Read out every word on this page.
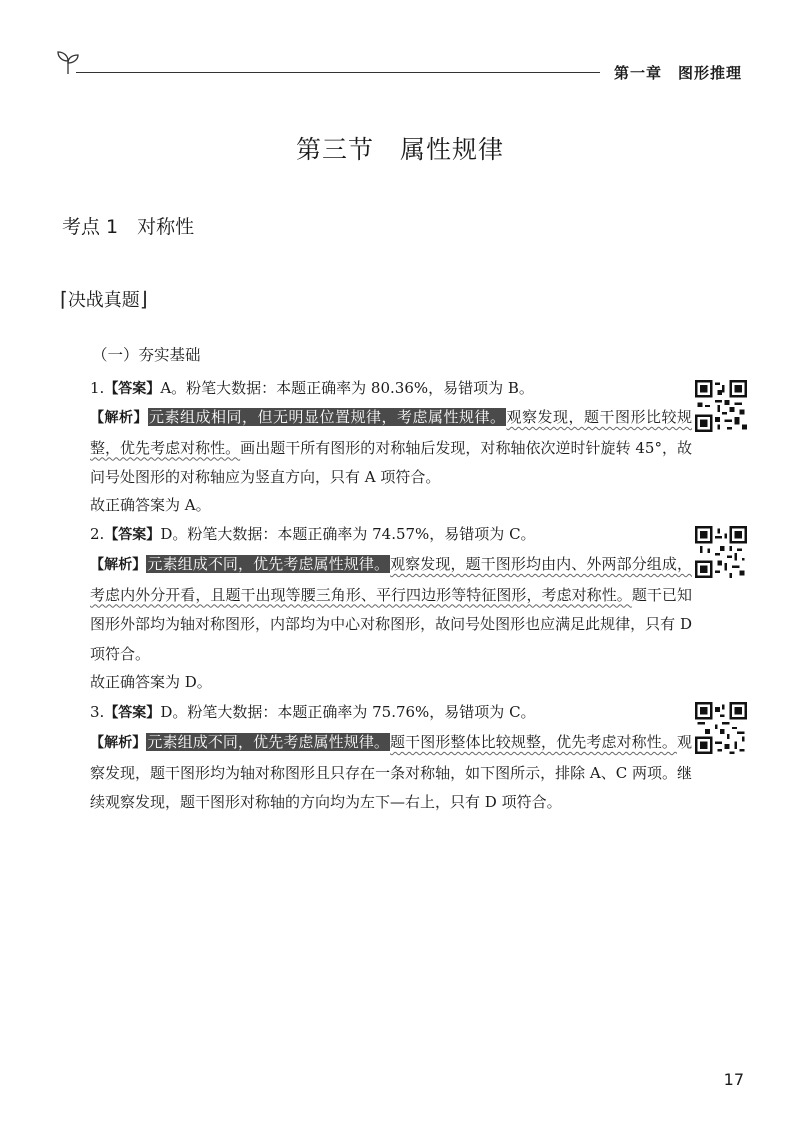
第一章　图形推理
第三节　属性规律
考点 1　对称性
⌈决战真题⌋
（一）夯实基础
1.【答案】A。粉笔大数据：本题正确率为 80.36%，易错项为 B。
【解析】元素组成相同，但无明显位置规律，考虑属性规律。观察发现，题干图形比较规整，优先考虑对称性。画出题干所有图形的对称轴后发现，对称轴依次逆时针旋转 45°，故问号处图形的对称轴应为竖直方向，只有 A 项符合。
故正确答案为 A。
2.【答案】D。粉笔大数据：本题正确率为 74.57%，易错项为 C。
【解析】元素组成不同，优先考虑属性规律。观察发现，题干图形均由内、外两部分组成，考虑内外分开看，且题干出现等腰三角形、平行四边形等特征图形，考虑对称性。题干已知图形外部均为轴对称图形，内部均为中心对称图形，故问号处图形也应满足此规律，只有 D 项符合。
故正确答案为 D。
3.【答案】D。粉笔大数据：本题正确率为 75.76%，易错项为 C。
【解析】元素组成不同，优先考虑属性规律。题干图形整体比较规整，优先考虑对称性。观察发现，题干图形均为轴对称图形且只存在一条对称轴，如下图所示，排除 A、C 两项。继续观察发现，题干图形对称轴的方向均为左下—右上，只有 D 项符合。
17
